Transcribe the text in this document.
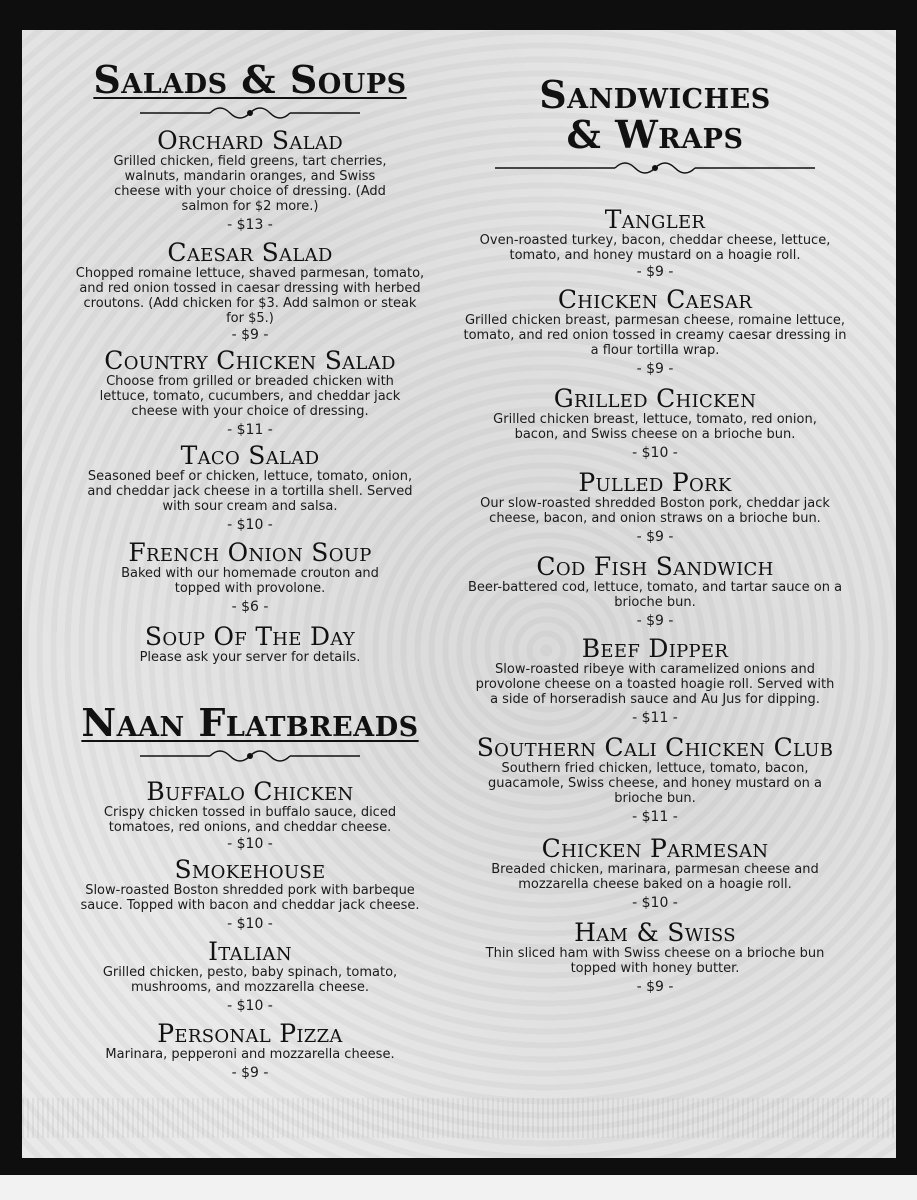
Salads & Soups
Orchard Salad
Grilled chicken, field greens, tart cherries, walnuts, mandarin oranges, and Swiss cheese with your choice of dressing. (Add salmon for $2 more.)
- $13 -
Caesar Salad
Chopped romaine lettuce, shaved parmesan, tomato, and red onion tossed in caesar dressing with herbed croutons. (Add chicken for $3. Add salmon or steak for $5.)
- $9 -
Country Chicken Salad
Choose from grilled or breaded chicken with lettuce, tomato, cucumbers, and cheddar jack cheese with your choice of dressing.
- $11 -
Taco Salad
Seasoned beef or chicken, lettuce, tomato, onion, and cheddar jack cheese in a tortilla shell. Served with sour cream and salsa.
- $10 -
French Onion Soup
Baked with our homemade crouton and topped with provolone.
- $6 -
Soup Of The Day
Please ask your server for details.
Naan Flatbreads
Buffalo Chicken
Crispy chicken tossed in buffalo sauce, diced tomatoes, red onions, and cheddar cheese.
- $10 -
Smokehouse
Slow-roasted Boston shredded pork with barbeque sauce. Topped with bacon and cheddar jack cheese.
- $10 -
Italian
Grilled chicken, pesto, baby spinach, tomato, mushrooms, and mozzarella cheese.
- $10 -
Personal Pizza
Marinara, pepperoni and mozzarella cheese.
- $9 -
Sandwiches
& Wraps
Tangler
Oven-roasted turkey, bacon, cheddar cheese, lettuce, tomato, and honey mustard on a hoagie roll.
- $9 -
Chicken Caesar
Grilled chicken breast, parmesan cheese, romaine lettuce, tomato, and red onion tossed in creamy caesar dressing in a flour tortilla wrap.
- $9 -
Grilled Chicken
Grilled chicken breast, lettuce, tomato, red onion, bacon, and Swiss cheese on a brioche bun.
- $10 -
Pulled Pork
Our slow-roasted shredded Boston pork, cheddar jack cheese, bacon, and onion straws on a brioche bun.
- $9 -
Cod Fish Sandwich
Beer-battered cod, lettuce, tomato, and tartar sauce on a brioche bun.
- $9 -
Beef Dipper
Slow-roasted ribeye with caramelized onions and provolone cheese on a toasted hoagie roll. Served with a side of horseradish sauce and Au Jus for dipping.
- $11 -
Southern Cali Chicken Club
Southern fried chicken, lettuce, tomato, bacon, guacamole, Swiss cheese, and honey mustard on a brioche bun.
- $11 -
Chicken Parmesan
Breaded chicken, marinara, parmesan cheese and mozzarella cheese baked on a hoagie roll.
- $10 -
Ham & Swiss
Thin sliced ham with Swiss cheese on a brioche bun topped with honey butter.
- $9 -
